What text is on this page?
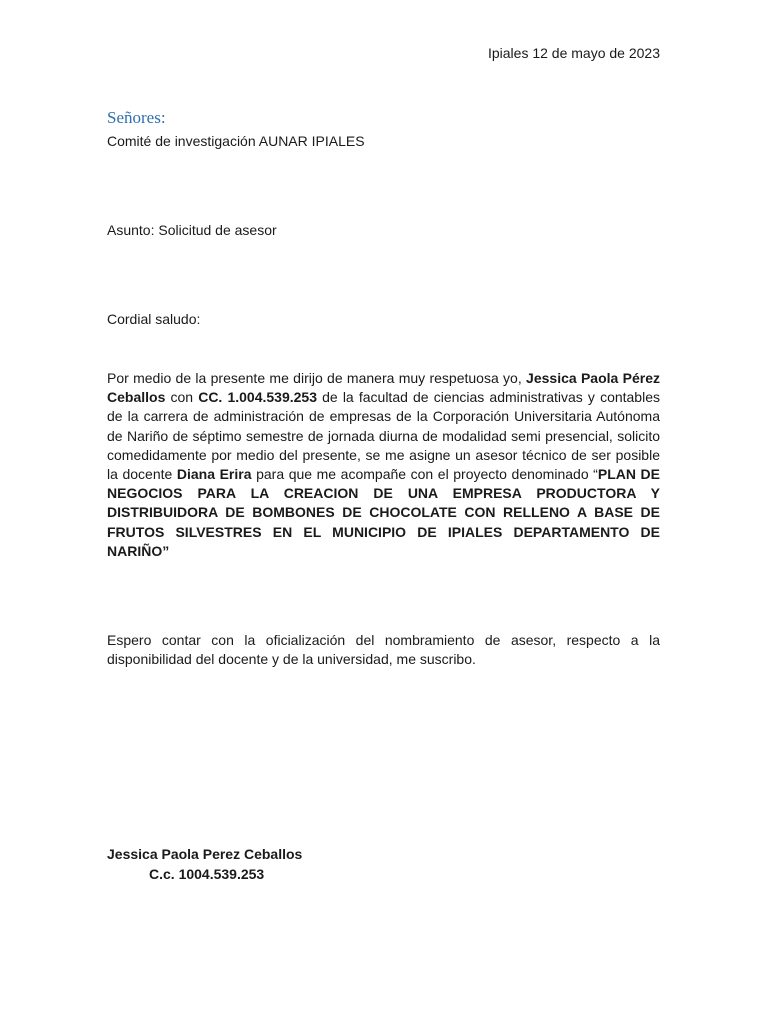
Ipiales 12 de mayo de 2023
Señores:
Comité de investigación AUNAR IPIALES
Asunto: Solicitud de asesor
Cordial saludo:
Por medio de la presente me dirijo de manera muy respetuosa yo, Jessica Paola Pérez Ceballos con CC. 1.004.539.253 de la facultad de ciencias administrativas y contables de la carrera de administración de empresas de la Corporación Universitaria Autónoma de Nariño de séptimo semestre de jornada diurna de modalidad semi presencial, solicito comedidamente por medio del presente, se me asigne un asesor técnico de ser posible la docente Diana Erira para que me acompañe con el proyecto denominado “PLAN DE NEGOCIOS PARA LA CREACION DE UNA EMPRESA PRODUCTORA Y DISTRIBUIDORA DE BOMBONES DE CHOCOLATE CON RELLENO A BASE DE FRUTOS SILVESTRES EN EL MUNICIPIO DE IPIALES DEPARTAMENTO DE NARIÑO”
Espero contar con la oficialización del nombramiento de asesor, respecto a la disponibilidad del docente y de la universidad, me suscribo.
Jessica Paola Perez Ceballos
C.c. 1004.539.253
